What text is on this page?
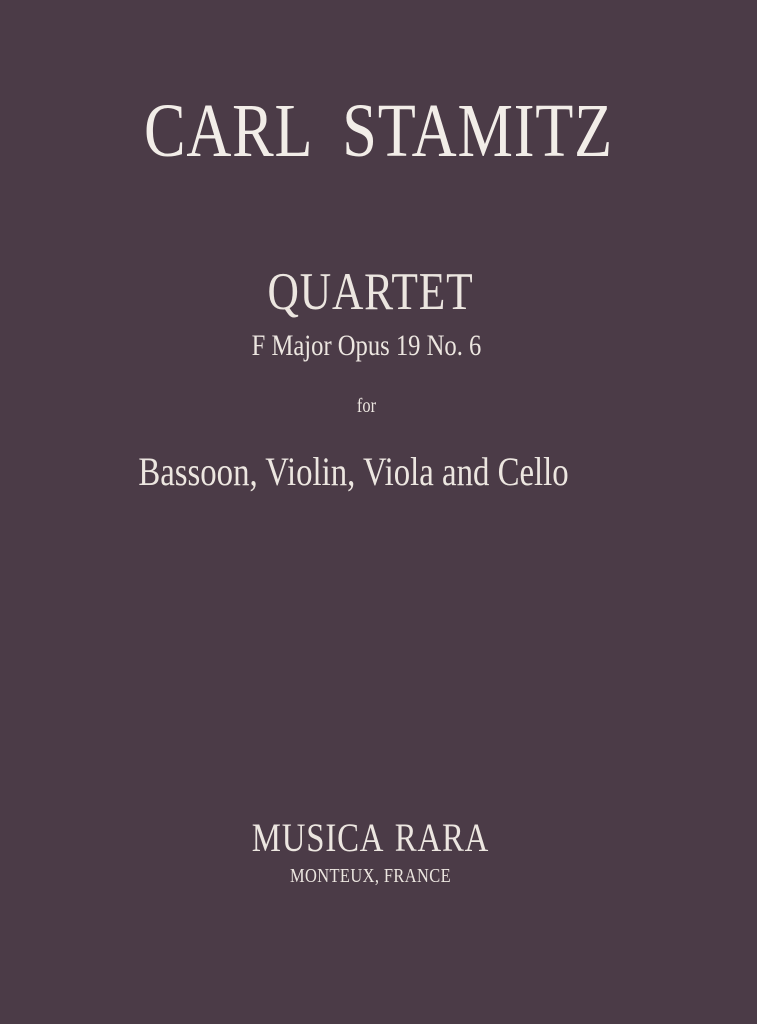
CARL STAMITZ
QUARTET
F Major Opus 19 No. 6
for
Bassoon, Violin, Viola and Cello
MUSICA RARA
MONTEUX, FRANCE
